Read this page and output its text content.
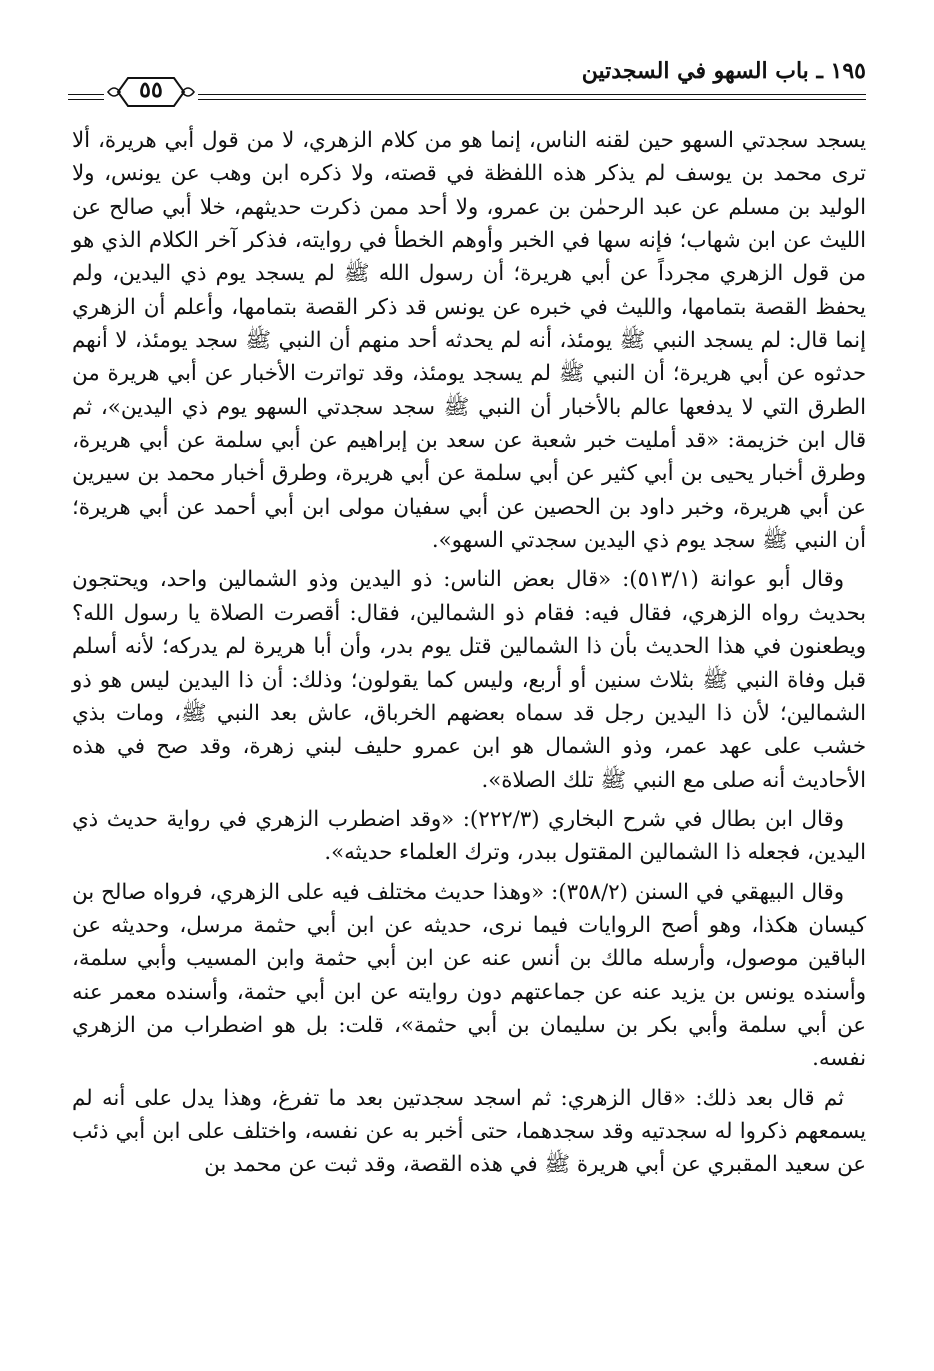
١٩٥ ـ باب السهو في السجدتين
٥٥

يسجد سجدتي السهو حين لقنه الناس، إنما هو من كلام الزهري، لا من قول أبي هريرة، ألا ترى محمد بن يوسف لم يذكر هذه اللفظة في قصته، ولا ذكره ابن وهب عن يونس، ولا الوليد بن مسلم عن عبد الرحمٰن بن عمرو، ولا أحد ممن ذكرت حديثهم، خلا أبي صالح عن الليث عن ابن شهاب؛ فإنه سها في الخبر وأوهم الخطأ في روايته، فذكر آخر الكلام الذي هو من قول الزهري مجرداً عن أبي هريرة؛ أن رسول الله ﷺ لم يسجد يوم ذي اليدين، ولم يحفظ القصة بتمامها، والليث في خبره عن يونس قد ذكر القصة بتمامها، وأعلم أن الزهري إنما قال: لم يسجد النبي ﷺ يومئذ، أنه لم يحدثه أحد منهم أن النبي ﷺ سجد يومئذ، لا أنهم حدثوه عن أبي هريرة؛ أن النبي ﷺ لم يسجد يومئذ، وقد تواترت الأخبار عن أبي هريرة من الطرق التي لا يدفعها عالم بالأخبار أن النبي ﷺ سجد سجدتي السهو يوم ذي اليدين»، ثم قال ابن خزيمة: «قد أمليت خبر شعبة عن سعد بن إبراهيم عن أبي سلمة عن أبي هريرة، وطرق أخبار يحيى بن أبي كثير عن أبي سلمة عن أبي هريرة، وطرق أخبار محمد بن سيرين عن أبي هريرة، وخبر داود بن الحصين عن أبي سفيان مولى ابن أبي أحمد عن أبي هريرة؛ أن النبي ﷺ سجد يوم ذي اليدين سجدتي السهو».

وقال أبو عوانة (٥١٣/١): «قال بعض الناس: ذو اليدين وذو الشمالين واحد، ويحتجون بحديث رواه الزهري، فقال فيه: فقام ذو الشمالين، فقال: أقصرت الصلاة يا رسول الله؟ ويطعنون في هذا الحديث بأن ذا الشمالين قتل يوم بدر، وأن أبا هريرة لم يدركه؛ لأنه أسلم قبل وفاة النبي ﷺ بثلاث سنين أو أربع، وليس كما يقولون؛ وذلك: أن ذا اليدين ليس هو ذو الشمالين؛ لأن ذا اليدين رجل قد سماه بعضهم الخرباق، عاش بعد النبي ﷺ، ومات بذي خشب على عهد عمر، وذو الشمال هو ابن عمرو حليف لبني زهرة، وقد صح في هذه الأحاديث أنه صلى مع النبي ﷺ تلك الصلاة».

وقال ابن بطال في شرح البخاري (٢٢٢/٣): «وقد اضطرب الزهري في رواية حديث ذي اليدين، فجعله ذا الشمالين المقتول ببدر، وترك العلماء حديثه».

وقال البيهقي في السنن (٣٥٨/٢): «وهذا حديث مختلف فيه على الزهري، فرواه صالح بن كيسان هكذا، وهو أصح الروايات فيما نرى، حديثه عن ابن أبي حثمة مرسل، وحديثه عن الباقين موصول، وأرسله مالك بن أنس عنه عن ابن أبي حثمة وابن المسيب وأبي سلمة، وأسنده يونس بن يزيد عنه عن جماعتهم دون روايته عن ابن أبي حثمة، وأسنده معمر عنه عن أبي سلمة وأبي بكر بن سليمان بن أبي حثمة»، قلت: بل هو اضطراب من الزهري نفسه.

ثم قال بعد ذلك: «قال الزهري: ثم اسجد سجدتين بعد ما تفرغ، وهذا يدل على أنه لم يسمعهم ذكروا له سجدتيه وقد سجدهما، حتى أخبر به عن نفسه، واختلف على ابن أبي ذئب عن سعيد المقبري عن أبي هريرة ﷺ في هذه القصة، وقد ثبت عن محمد بن
